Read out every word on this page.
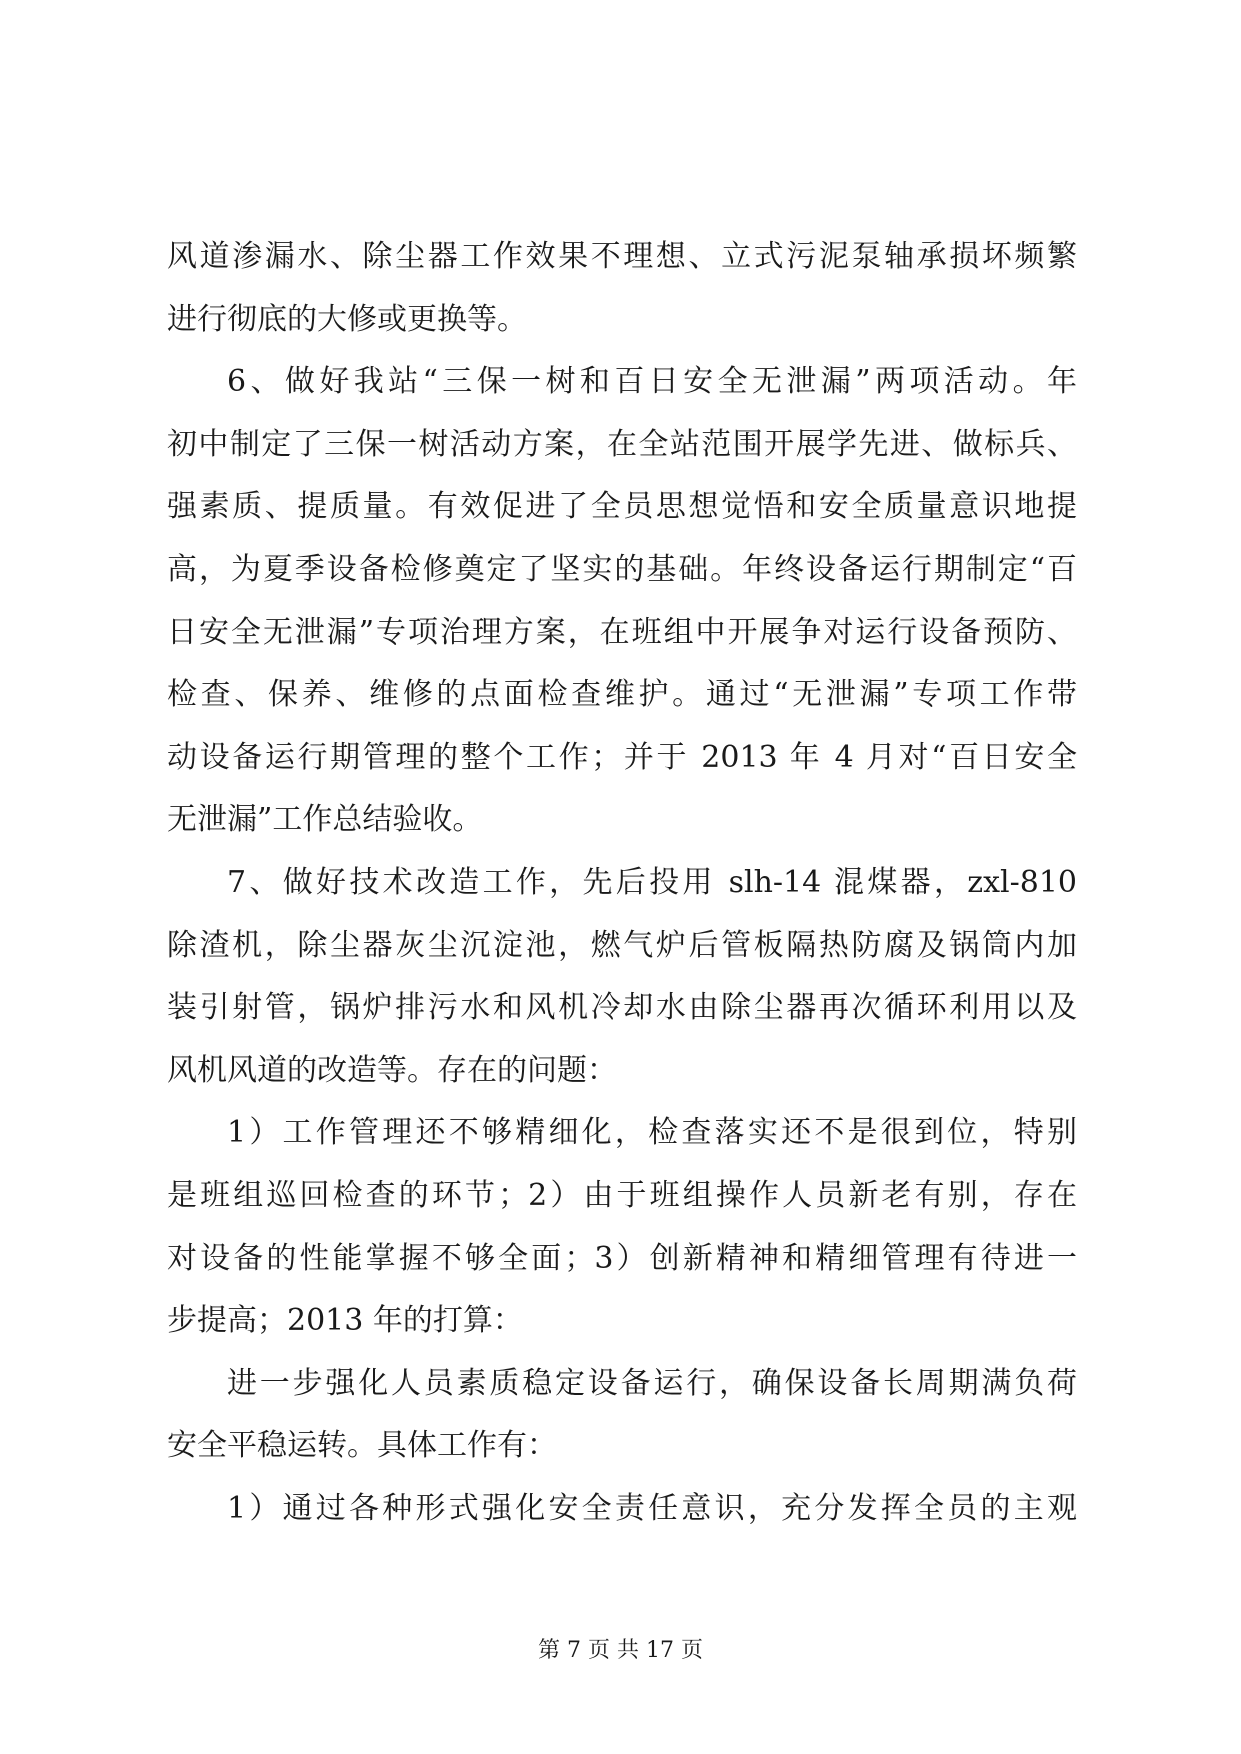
风道渗漏水、除尘器工作效果不理想、立式污泥泵轴承损坏频繁
进行彻底的大修或更换等。
6、做好我站“三保一树和百日安全无泄漏”两项活动。年
初中制定了三保一树活动方案，在全站范围开展学先进、做标兵、
强素质、提质量。有效促进了全员思想觉悟和安全质量意识地提
高，为夏季设备检修奠定了坚实的基础。年终设备运行期制定“百
日安全无泄漏”专项治理方案，在班组中开展争对运行设备预防、
检查、保养、维修的点面检查维护。通过“无泄漏”专项工作带
动设备运行期管理的整个工作；并于 2013 年 4 月对“百日安全
无泄漏”工作总结验收。
7、做好技术改造工作，先后投用 slh-14 混煤器，zxl-810
除渣机，除尘器灰尘沉淀池，燃气炉后管板隔热防腐及锅筒内加
装引射管，锅炉排污水和风机冷却水由除尘器再次循环利用以及
风机风道的改造等。存在的问题：
1）工作管理还不够精细化，检查落实还不是很到位，特别
是班组巡回检查的环节；2）由于班组操作人员新老有别，存在
对设备的性能掌握不够全面；3）创新精神和精细管理有待进一
步提高；2013 年的打算：
进一步强化人员素质稳定设备运行，确保设备长周期满负荷
安全平稳运转。具体工作有：
1）通过各种形式强化安全责任意识，充分发挥全员的主观
第 7 页 共 17 页
